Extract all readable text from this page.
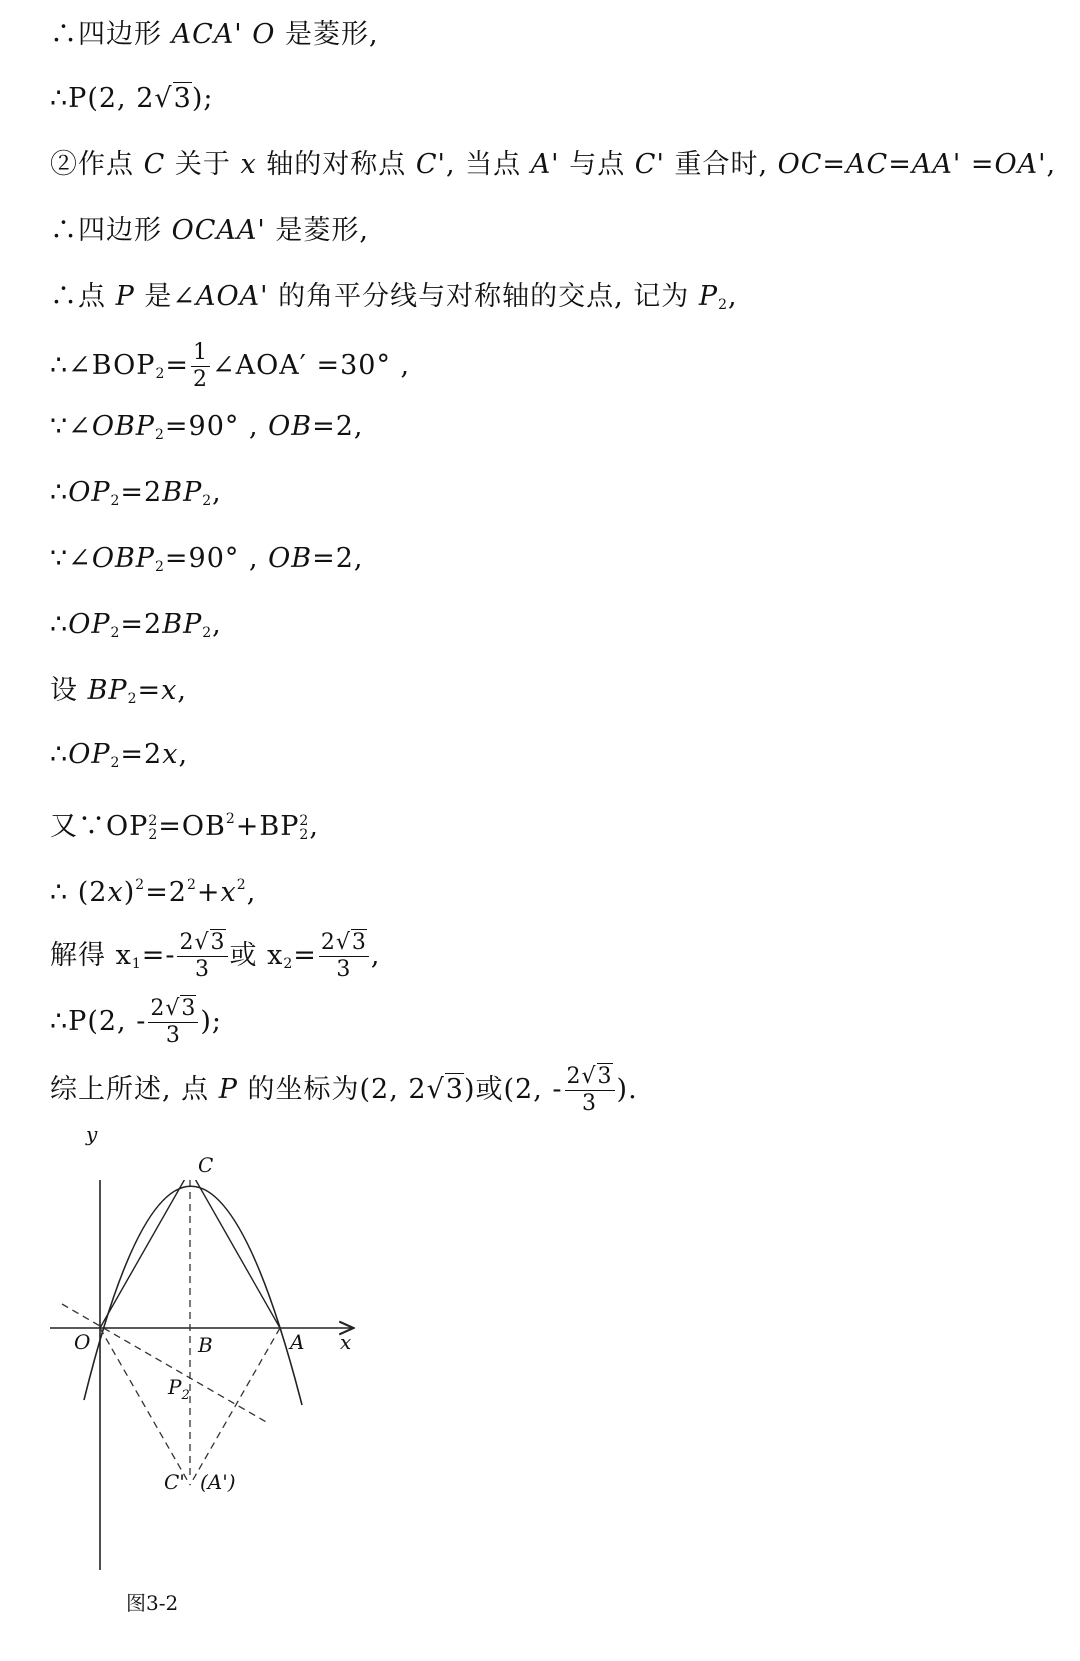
∴四边形 ACA' O 是菱形,
∴P(2, 2√3);
②作点 C 关于 x 轴的对称点 C', 当点 A' 与点 C' 重合时, OC=AC=AA' =OA',
∴四边形 OCAA' 是菱形,
∴点 P 是∠AOA' 的角平分线与对称轴的交点, 记为 $P_2$,
$\therefore\angle BOP_2= \frac{1}{2}$ ∠AOA′ =30° ,
$\because\angle OBP_2=90^\circ$ , OB=2,
$\therefore OP_2=2BP_2$,
$\because\angle OBP_2=90^\circ$ , OB=2,
$\therefore OP_2=2BP_2$,
设 $BP_2=x$,
$\therefore OP_2=2x$,
又∵OP 2
$2 =OB^2+BP$ 2
2 ,
∴ $(2x)^2=2^2+x^2$,
解得 $x_1=- \frac{2√3}{3}$ 或 $x_2= \frac{2√3}{3}$ ,
∴P(2, - $\frac{2√3}{3}$ );
综上所述, 点 P 的坐标为(2, 2√3)或(2, - $\frac{2√3}{3}$ ).
y
x
O
C
B	A
$P_2$
C' (A')
图3-2
